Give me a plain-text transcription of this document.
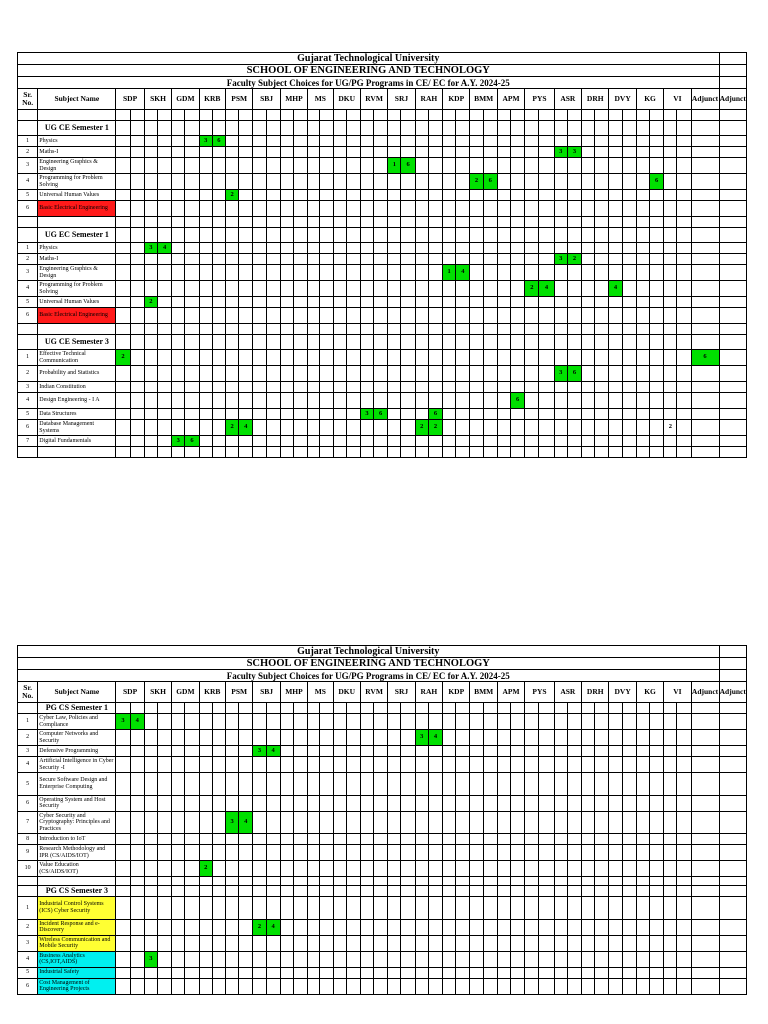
Gujarat Technological University																																													
SCHOOL OF ENGINEERING AND TECHNOLOGY																																													
Faculty Subject Choices for UG/PG Programs in CE/ EC for A.Y. 2024-25																																													
Sr. No.	Subject Name	SDP		SKH		GDM		KRB		PSM		SBJ		MHP		MS		DKU		RVM		SRJ		RAH		KDP		BMM		APM		PYS		ASR		DRH		DVY		KG		VI		Adjunct	Adjunct

	UG CE Semester 1																																												
1	Physics							3	6																																				
2	Maths-I																																	3	3										
3	Engineering Graphics & Design																					1	6																						
4	Programming for Problem Solving																											2	6												6				
5	Universal Human Values									2																																			
6	Basic Electrical Engineering																																												

	UG EC Semester 1																																												
1	Physics			3	4																																								
2	Maths-I																																	3	2										
3	Engineering Graphics & Design																									1	4																		
4	Programming for Problem Solving																															2	4					4							
5	Universal Human Values			2																																									
6	Basic Electrical Engineering																																												

	UG CE Semester 3																																												
1	Effective Technical Communication	2																																										6	
2	Probability and Statistics																																	3	6										
3	Indian Constitution																																												
4	Design Engineering - I A																														6														
5	Data Structures																			3	6				6																				
6	Database Management Systems									2	4													2	2																	2			
7	Digital Fundamentals					3	6																																						

Gujarat Technological University																																													
SCHOOL OF ENGINEERING AND TECHNOLOGY																																													
Faculty Subject Choices for UG/PG Programs in CE/ EC for A.Y. 2024-25																																													
Sr. No.	Subject Name	SDP		SKH		GDM		KRB		PSM		SBJ		MHP		MS		DKU		RVM		SRJ		RAH		KDP		BMM		APM		PYS		ASR		DRH		DVY		KG		VI		Adjunct	Adjunct
	PG CS Semester 1																																												
1	Cyber Law, Policies and Compliance	3	4																																										
2	Computer Networks and Security																							3	4																				
3	Defensive Programming											3	4																																
4	Artificial Intelligence in Cyber Security -I																																												
5	Secure Software Design and Enterprise Computing																																												
6	Operating System and Host Security																																												
7	Cyber Security and Cryptography: Principles and Practices									3	4																																		
8	Introduction to IoT																																												
9	Research Methodology and IPR (CS/AIDS/IOT)																																												
10	Value Education (CS/AIDS/IOT)							2																																					

	PG CS Semester 3																																												
1	Industrial Control Systems (ICS) Cyber Security																																												
2	Incident Response and e-Discovery											2	4																																
3	Wireless Communication and Mobile Security																																												
4	Business Analytics (CS,IOT,AIDS)			3																																									
5	Industrial Safety																																												
6	Cost Management of Engineering Projects																																												
